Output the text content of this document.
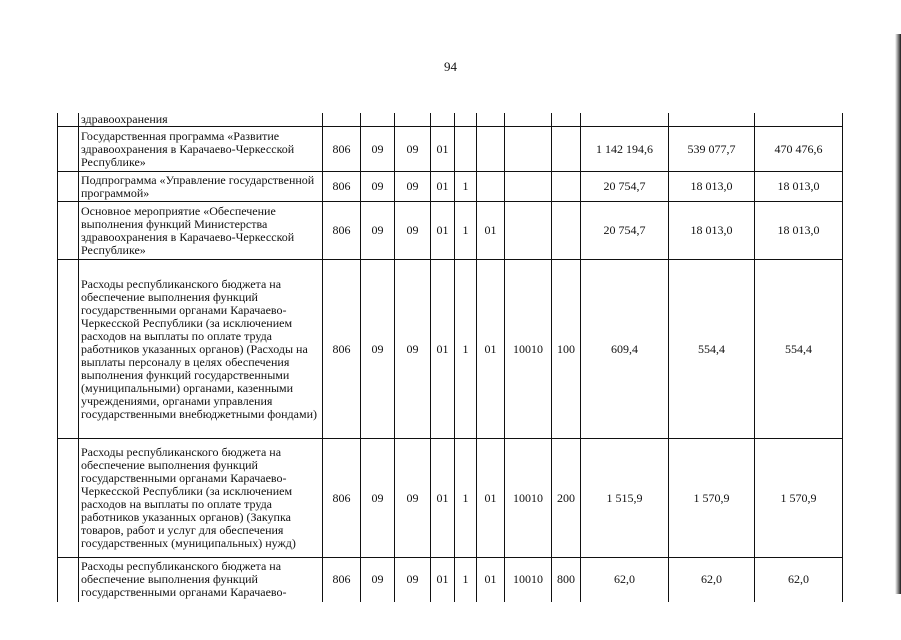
94
	здравоохранения											
	Государственная программа «Развитие здравоохранения в Карачаево-Черкесской Республике»	806	09	09	01					1 142 194,6	539 077,7	470 476,6
	Подпрограмма «Управление государственной программой»	806	09	09	01	1				20 754,7	18 013,0	18 013,0
	Основное мероприятие «Обеспечение выполнения функций Министерства здравоохранения в Карачаево-Черкесской Республике»	806	09	09	01	1	01			20 754,7	18 013,0	18 013,0
	Расходы республиканского бюджета на обеспечение выполнения функций государственными органами Карачаево-Черкесской Республики (за исключением расходов на выплаты по оплате труда работников указанных органов) (Расходы на выплаты персоналу в целях обеспечения выполнения функций государственными (муниципальными) органами, казенными учреждениями, органами управления государственными внебюджетными фондами)	806	09	09	01	1	01	10010	100	609,4	554,4	554,4
	Расходы республиканского бюджета на обеспечение выполнения функций государственными органами Карачаево-Черкесской Республики (за исключением расходов на выплаты по оплате труда работников указанных органов) (Закупка товаров, работ и услуг для обеспечения государственных (муниципальных) нужд)	806	09	09	01	1	01	10010	200	1 515,9	1 570,9	1 570,9
	Расходы республиканского бюджета на обеспечение выполнения функций государственными органами Карачаево-	806	09	09	01	1	01	10010	800	62,0	62,0	62,0
